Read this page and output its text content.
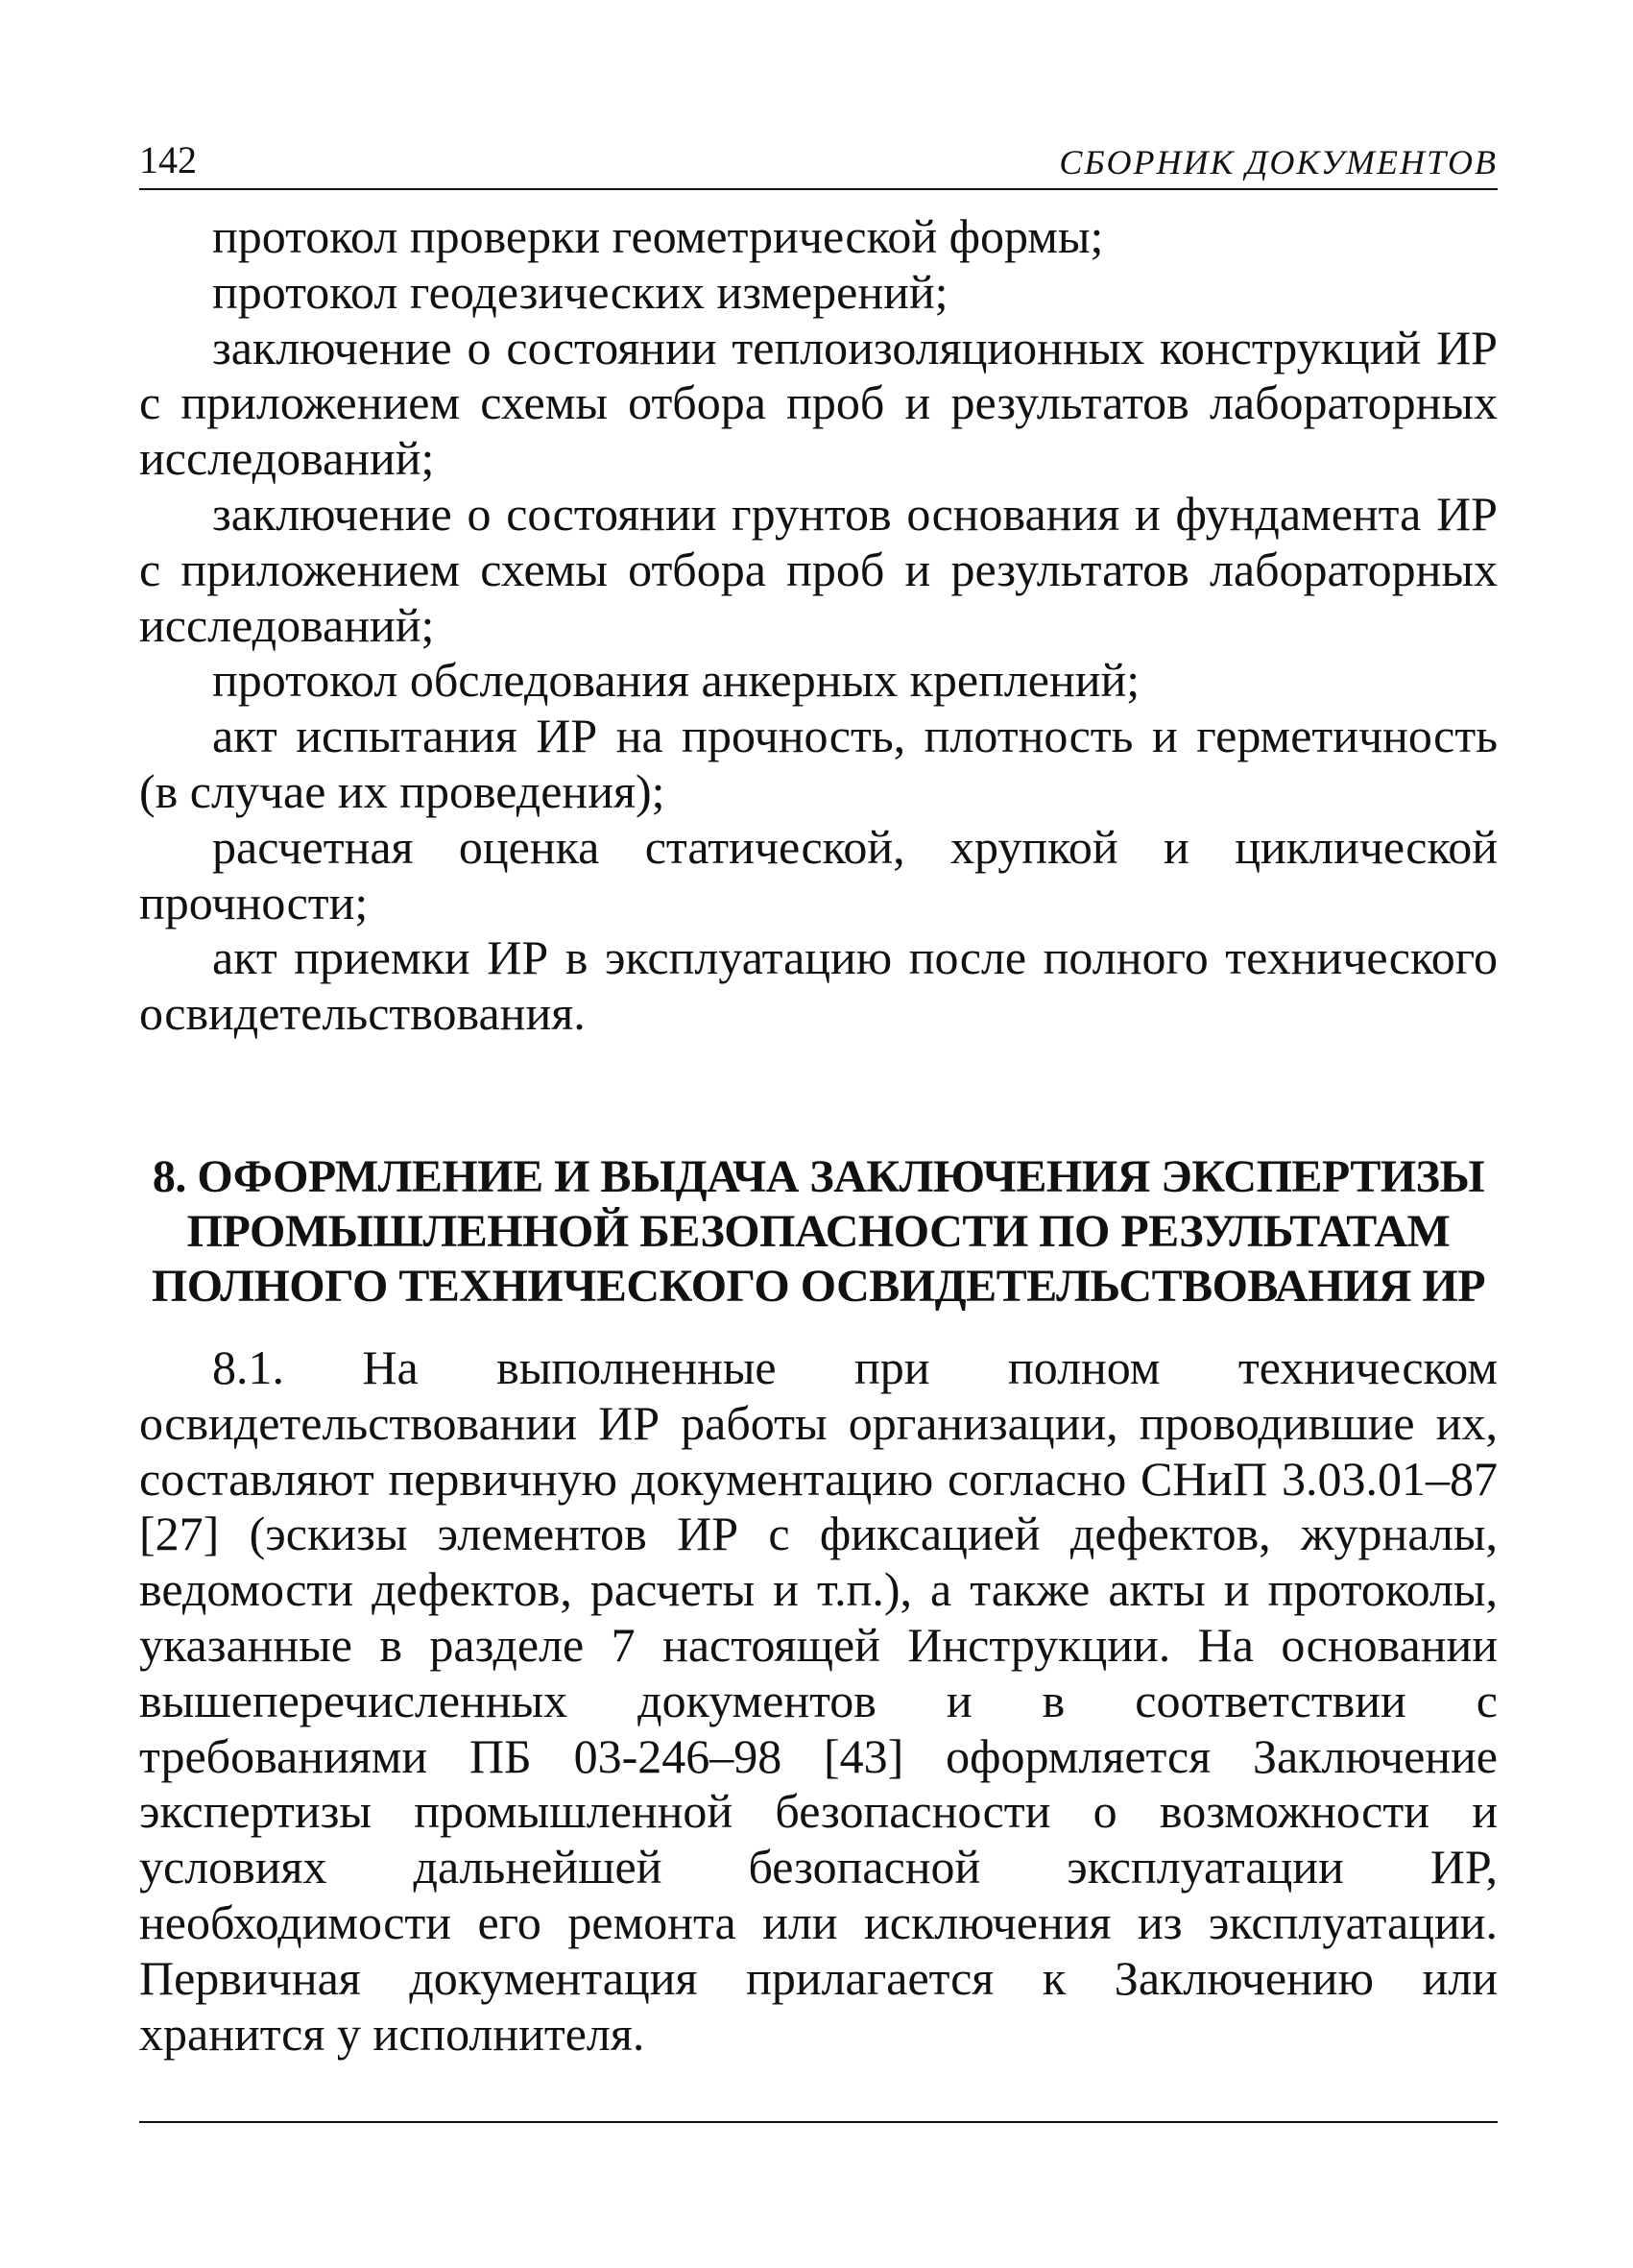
142	СБОРНИК ДОКУМЕНТОВ

протокол проверки геометрической формы;

протокол геодезических измерений;

заключение о состоянии теплоизоляционных конструкций ИР с приложением схемы отбора проб и результатов лабораторных исследований;

заключение о состоянии грунтов основания и фундамента ИР с приложением схемы отбора проб и результатов лабораторных исследований;

протокол обследования анкерных креплений;

акт испытания ИР на прочность, плотность и герметичность (в случае их проведения);

расчетная оценка статической, хрупкой и циклической прочности;

акт приемки ИР в эксплуатацию после полного технического освидетельствования.

8. ОФОРМЛЕНИЕ И ВЫДАЧА ЗАКЛЮЧЕНИЯ ЭКСПЕРТИЗЫ
ПРОМЫШЛЕННОЙ БЕЗОПАСНОСТИ ПО РЕЗУЛЬТАТАМ
ПОЛНОГО ТЕХНИЧЕСКОГО ОСВИДЕТЕЛЬСТВОВАНИЯ ИР

8.1. На выполненные при полном техническом освидетельствовании ИР работы организации, проводившие их, составляют первичную документацию согласно СНиП 3.03.01–87 [27] (эскизы элементов ИР с фиксацией дефектов, журналы, ведомости дефектов, расчеты и т.п.), а также акты и протоколы, указанные в разделе 7 настоящей Инструкции. На основании вышеперечисленных документов и в соответствии с требованиями ПБ 03-246–98 [43] оформляется Заключение экспертизы промышленной безопасности о возможности и условиях дальнейшей безопасной эксплуатации ИР, необходимости его ремонта или исключения из эксплуатации. Первичная документация прилагается к Заключению или хранится у исполнителя.
